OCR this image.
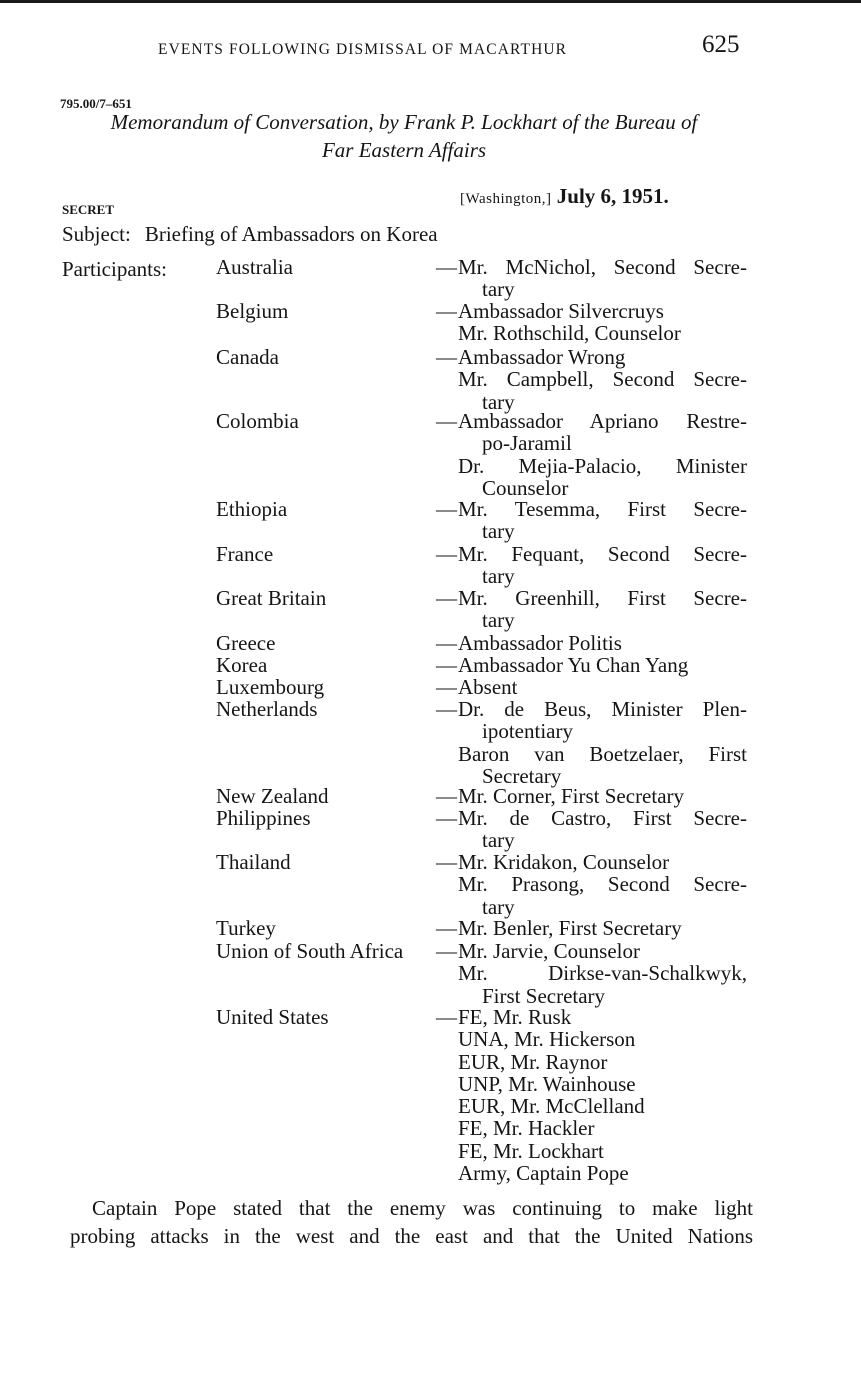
EVENTS FOLLOWING DISMISSAL OF MACARTHUR	625
795.00/7–651
Memorandum of Conversation, by Frank P. Lockhart of the Bureau of
Far Eastern Affairs
SECRET
[Washington,] July 6, 1951.
Subject: Briefing of Ambassadors on Korea
Participants: Australia	— Mr. McNichol, Second Secre-
tary
Belgium	— Ambassador Silvercruys
Mr. Rothschild, Counselor
Canada	— Ambassador Wrong
Mr. Campbell, Second Secre-
tary
Colombia	— Ambassador Apriano Restre-
po-Jaramil
Dr. Mejia-Palacio, Minister
Counselor
Ethiopia	— Mr. Tesemma, First Secre-
tary
France	— Mr. Fequant, Second Secre-
tary
Great Britain	— Mr. Greenhill, First Secre-
tary
Greece	— Ambassador Politis
Korea	— Ambassador Yu Chan Yang
Luxembourg	— Absent
Netherlands	— Dr. de Beus, Minister Plen-
ipotentiary
Baron van Boetzelaer, First
Secretary
New Zealand	— Mr. Corner, First Secretary
Philippines	— Mr. de Castro, First Secre-
tary
Thailand	— Mr. Kridakon, Counselor
Mr. Prasong, Second Secre-
tary
Turkey	— Mr. Benler, First Secretary
Union of South Africa	— Mr. Jarvie, Counselor
Mr. Dirkse-van-Schalkwyk,
First Secretary
United States	— FE, Mr. Rusk
UNA, Mr. Hickerson
EUR, Mr. Raynor
UNP, Mr. Wainhouse
EUR, Mr. McClelland
FE, Mr. Hackler
FE, Mr. Lockhart
Army, Captain Pope
Captain Pope stated that the enemy was continuing to make light
probing attacks in the west and the east and that the United Nations
